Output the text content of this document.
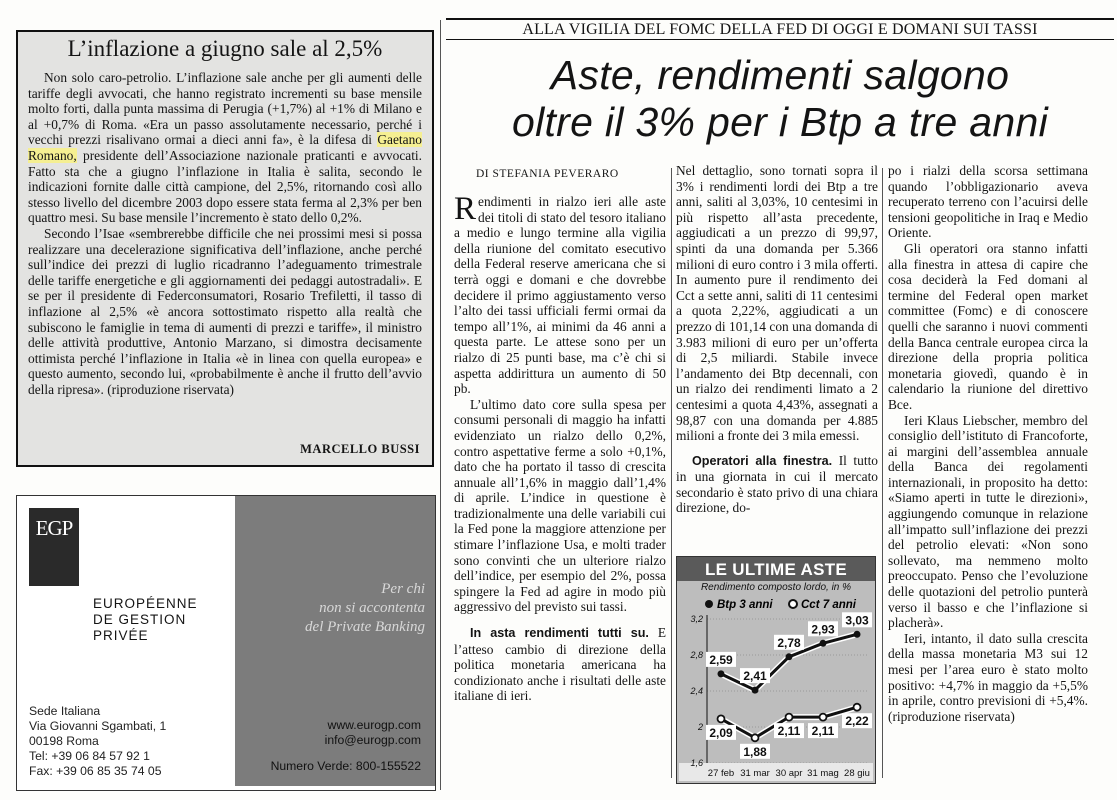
L’inflazione a giugno sale al 2,5%

Non solo caro-petrolio. L’inflazione sale anche per gli aumenti delle tariffe degli avvocati, che hanno registrato incrementi su base mensile molto forti, dalla punta massima di Perugia (+1,7%) al +1% di Milano e al +0,7% di Roma. «Era un passo assolutamente necessario, perché i vecchi prezzi risalivano ormai a dieci anni fa», è la difesa di Gaetano Romano, presidente dell’Associazione nazionale praticanti e avvocati. Fatto sta che a giugno l’inflazione in Italia è salita, secondo le indicazioni fornite dalle città campione, del 2,5%, ritornando così allo stesso livello del dicembre 2003 dopo essere stata ferma al 2,3% per ben quattro mesi. Su base mensile l’incremento è stato dello 0,2%.

Secondo l’Isae «sembrerebbe difficile che nei prossimi mesi si possa realizzare una decelerazione significativa dell’inflazione, anche perché sull’indice dei prezzi di luglio ricadranno l’adeguamento trimestrale delle tariffe energetiche e gli aggiornamenti dei pedaggi autostradali». E se per il presidente di Federconsumatori, Rosario Trefiletti, il tasso di inflazione al 2,5% «è ancora sottostimato rispetto alla realtà che subiscono le famiglie in tema di aumenti di prezzi e tariffe», il ministro delle attività produttive, Antonio Marzano, si dimostra decisamente ottimista perché l’inflazione in Italia «è in linea con quella europea» e questo aumento, secondo lui, «probabilmente è anche il frutto dell’avvio della ripresa». (riproduzione riservata)

MARCELLO BUSSI
EGP
EUROPÉENNE
DE GESTION
PRIVÉE
Per chi
non si accontenta
del Private Banking
Sede Italiana
Via Giovanni Sgambati, 1
00198 Roma
Tel: +39 06 84 57 92 1
Fax: +39 06 85 35 74 05
www.eurogp.com
info@eurogp.com
Numero Verde: 800-155522
ALLA VIGILIA DEL FOMC DELLA FED DI OGGI E DOMANI SUI TASSI
Aste, rendimenti salgono
oltre il 3% per i Btp a tre anni
DI STEFANIA PEVERARO

Rendimenti in rialzo ieri alle aste dei titoli di stato del tesoro italiano a medio e lungo termine alla vigilia della riunione del comitato esecutivo della Federal reserve americana che si terrà oggi e domani e che dovrebbe decidere il primo aggiustamento verso l’alto dei tassi ufficiali fermi ormai da tempo all’1%, ai minimi da 46 anni a questa parte. Le attese sono per un rialzo di 25 punti base, ma c’è chi si aspetta addirittura un aumento di 50 pb.

L’ultimo dato core sulla spesa per consumi personali di maggio ha infatti evidenziato un rialzo dello 0,2%, contro aspettative ferme a solo +0,1%, dato che ha portato il tasso di crescita annuale all’1,6% in maggio dall’1,4% di aprile. L’indice in questione è tradizionalmente una delle variabili cui la Fed pone la maggiore attenzione per stimare l’inflazione Usa, e molti trader sono convinti che un ulteriore rialzo dell’indice, per esempio del 2%, possa spingere la Fed ad agire in modo più aggressivo del previsto sui tassi.

In asta rendimenti tutti su. E l’atteso cambio di direzione della politica monetaria americana ha condizionato anche i risultati delle aste italiane di ieri.

Nel dettaglio, sono tornati sopra il 3% i rendimenti lordi dei Btp a tre anni, saliti al 3,03%, 10 centesimi in più rispetto all’asta precedente, aggiudicati a un prezzo di 99,97, spinti da una domanda per 5.366 milioni di euro contro i 3 mila offerti. In aumento pure il rendimento dei Cct a sette anni, saliti di 11 centesimi a quota 2,22%, aggiudicati a un prezzo di 101,14 con una domanda di 3.983 milioni di euro per un’offerta di 2,5 miliardi. Stabile invece l’andamento dei Btp decennali, con un rialzo dei rendimenti limato a 2 centesimi a quota 4,43%, assegnati a 98,87 con una domanda per 4.885 milioni a fronte dei 3 mila emessi.

Operatori alla finestra. Il tutto in una giornata in cui il mercato secondario è stato privo di una chiara direzione, do-

po i rialzi della scorsa settimana quando l’obbligazionario aveva recuperato terreno con l’acuirsi delle tensioni geopolitiche in Iraq e Medio Oriente.

Gli operatori ora stanno infatti alla finestra in attesa di capire che cosa deciderà la Fed domani al termine del Federal open market committee (Fomc) e di conoscere quelli che saranno i nuovi commenti della Banca centrale europea circa la direzione della propria politica monetaria giovedì, quando è in calendario la riunione del direttivo Bce.

Ieri Klaus Liebscher, membro del consiglio dell’istituto di Francoforte, ai margini dell’assemblea annuale della Banca dei regolamenti internazionali, in proposito ha detto: «Siamo aperti in tutte le direzioni», aggiungendo comunque in relazione all’impatto sull’inflazione dei prezzi del petrolio elevati: «Non sono sollevato, ma nemmeno molto preoccupato. Penso che l’evoluzione delle quotazioni del petrolio punterà verso il basso e che l’inflazione si placherà».

Ieri, intanto, il dato sulla crescita della massa monetaria M3 sui 12 mesi per l’area euro è stato molto positivo: +4,7% in maggio da +5,5% in aprile, contro previsioni di +5,4%. (riproduzione riservata)

LE ULTIME ASTE
Rendimento composto lordo, in %
Btp 3 anni Cct 7 anni
3,2
2,8
2,4
2
1,6
27 feb 31 mar 30 apr 31 mag 28 giu
2,59
2,41
2,78
2,93
3,03
2,09
1,88
2,11 2,11
2,22
